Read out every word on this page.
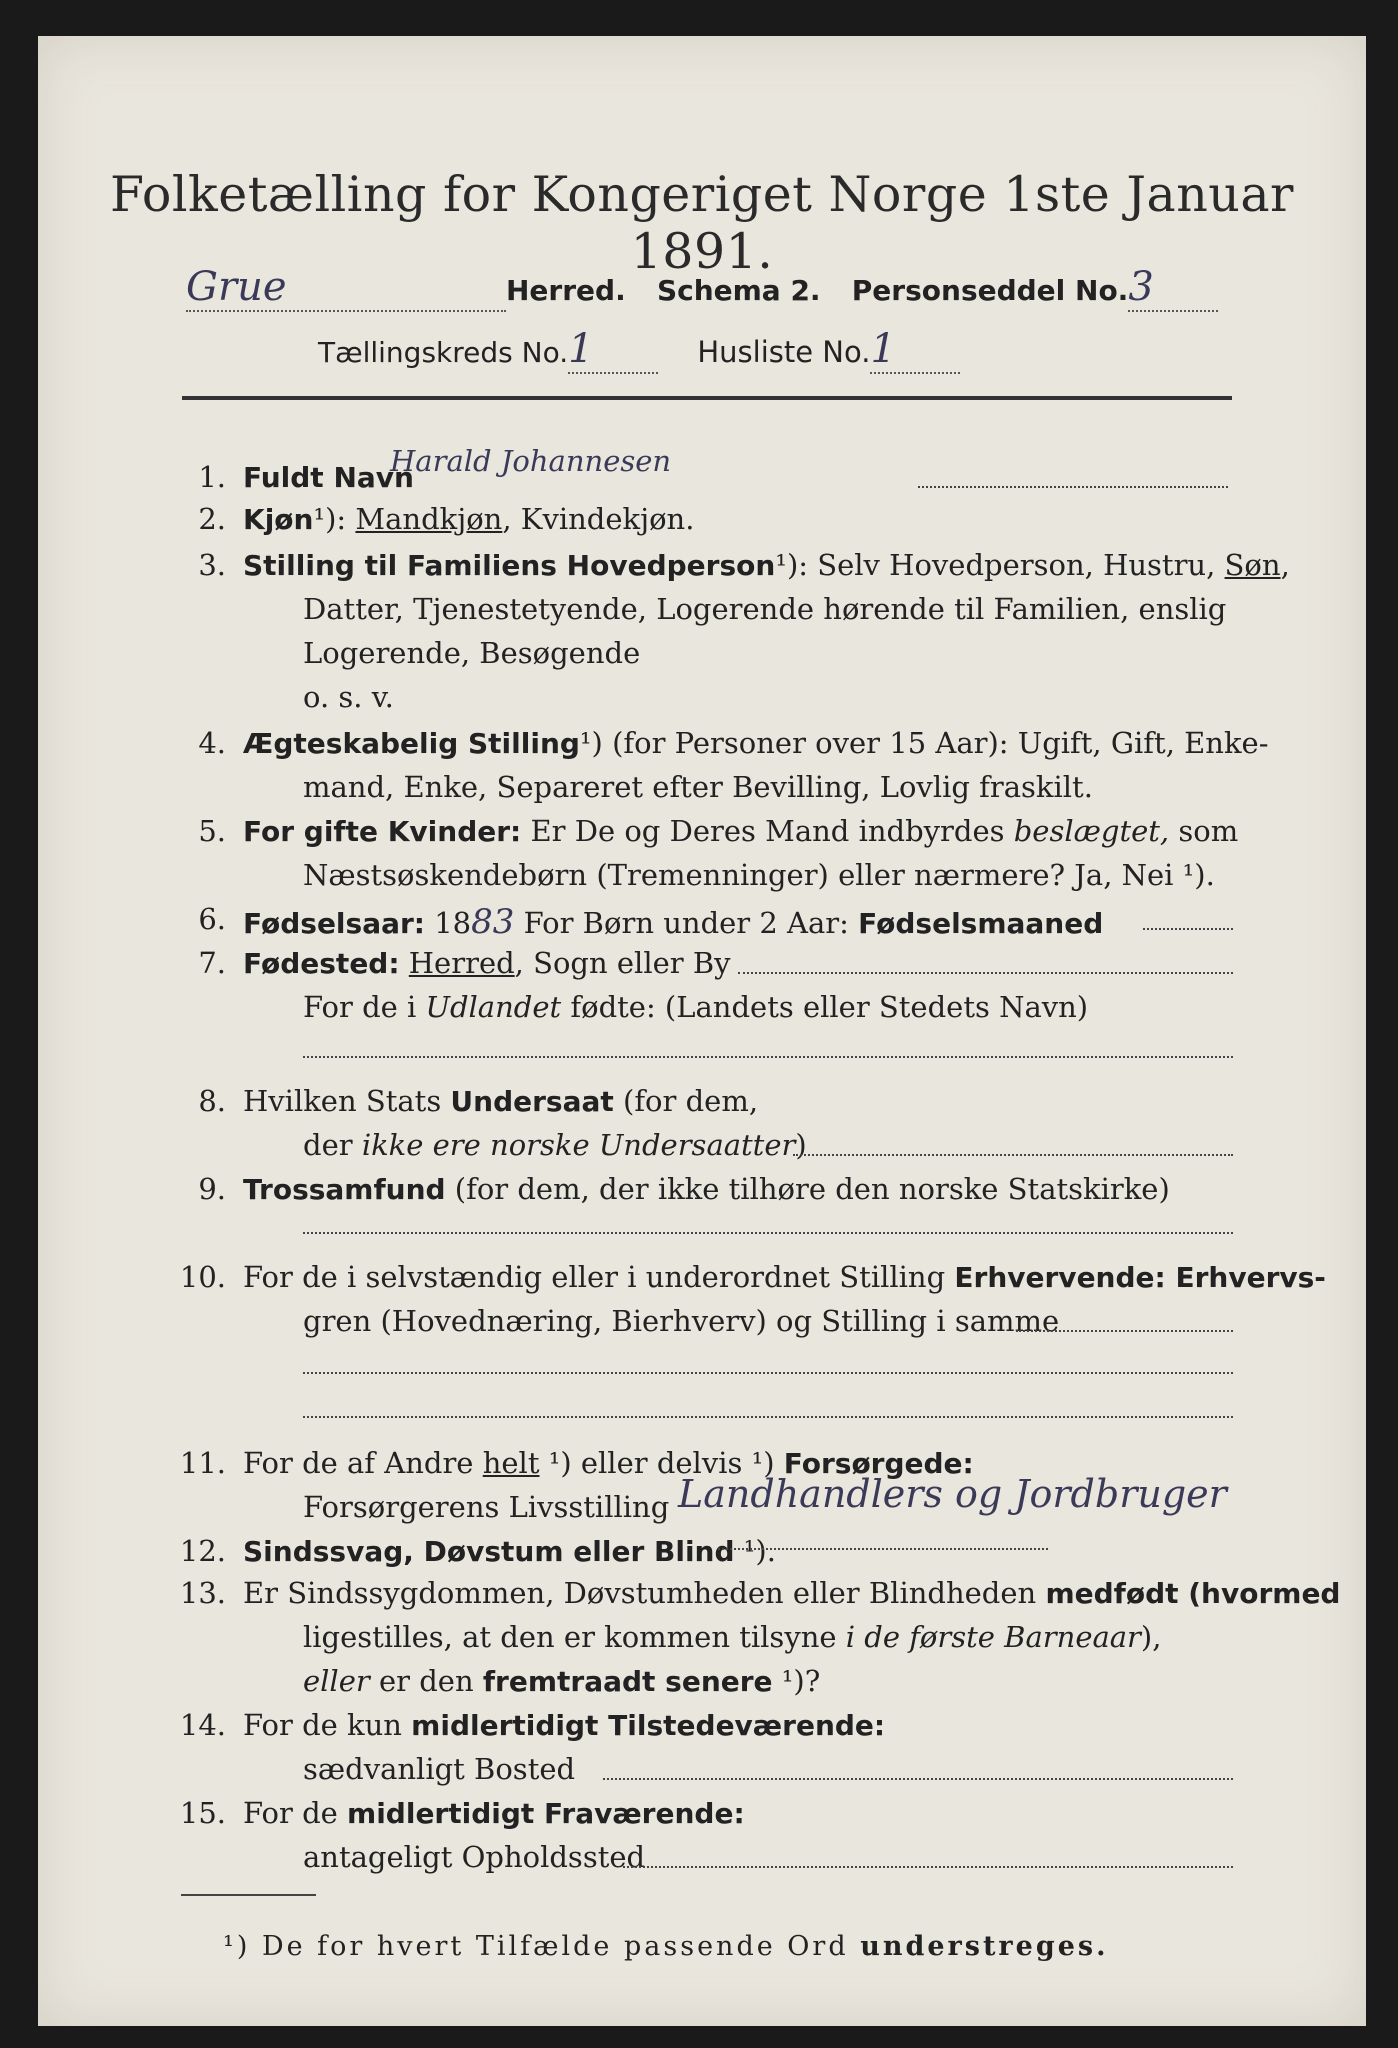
Folketælling for Kongeriget Norge 1ste Januar 1891.
Grue	Herred. Schema 2. Personseddel No.3
Tællingskreds No.1	Husliste No.1
1. Fuldt Navn
Harald Johannesen
2. Kjøn¹): Mandkjøn, Kvindekjøn.
3. Stilling til Familiens Hovedperson¹): Selv Hovedperson, Hustru, Søn,
Datter, Tjenestetyende, Logerende hørende til Familien, enslig
Logerende, Besøgende
o. s. v.
4. Ægteskabelig Stilling¹) (for Personer over 15 Aar): Ugift, Gift, Enke-
mand, Enke, Separeret efter Bevilling, Lovlig fraskilt.
5. For gifte Kvinder: Er De og Deres Mand indbyrdes beslægtet, som
Næstsøskendebørn (Tremenninger) eller nærmere? Ja, Nei ¹).
6. Fødselsaar: 1883 For Børn under 2 Aar: Fødselsmaaned
7. Fødested: Herred, Sogn eller By
For de i Udlandet fødte: (Landets eller Stedets Navn)
8. Hvilken Stats Undersaat (for dem,
der ikke ere norske Undersaatter)
9. Trossamfund (for dem, der ikke tilhøre den norske Statskirke)
10. For de i selvstændig eller i underordnet Stilling Erhvervende: Erhvervs-
gren (Hovednæring, Bierhverv) og Stilling i samme
11. For de af Andre helt ¹) eller delvis ¹) Forsørgede:
Forsørgerens Livsstilling Landhandlers og Jordbruger
12. Sindssvag, Døvstum eller Blind ¹).
13. Er Sindssygdommen, Døvstumheden eller Blindheden medfødt (hvormed
ligestilles, at den er kommen tilsyne i de første Barneaar),
eller er den fremtraadt senere ¹)?
14. For de kun midlertidigt Tilstedeværende:
sædvanligt Bosted
15. For de midlertidigt Fraværende:
antageligt Opholdssted
¹) De for hvert Tilfælde passende Ord understreges.
